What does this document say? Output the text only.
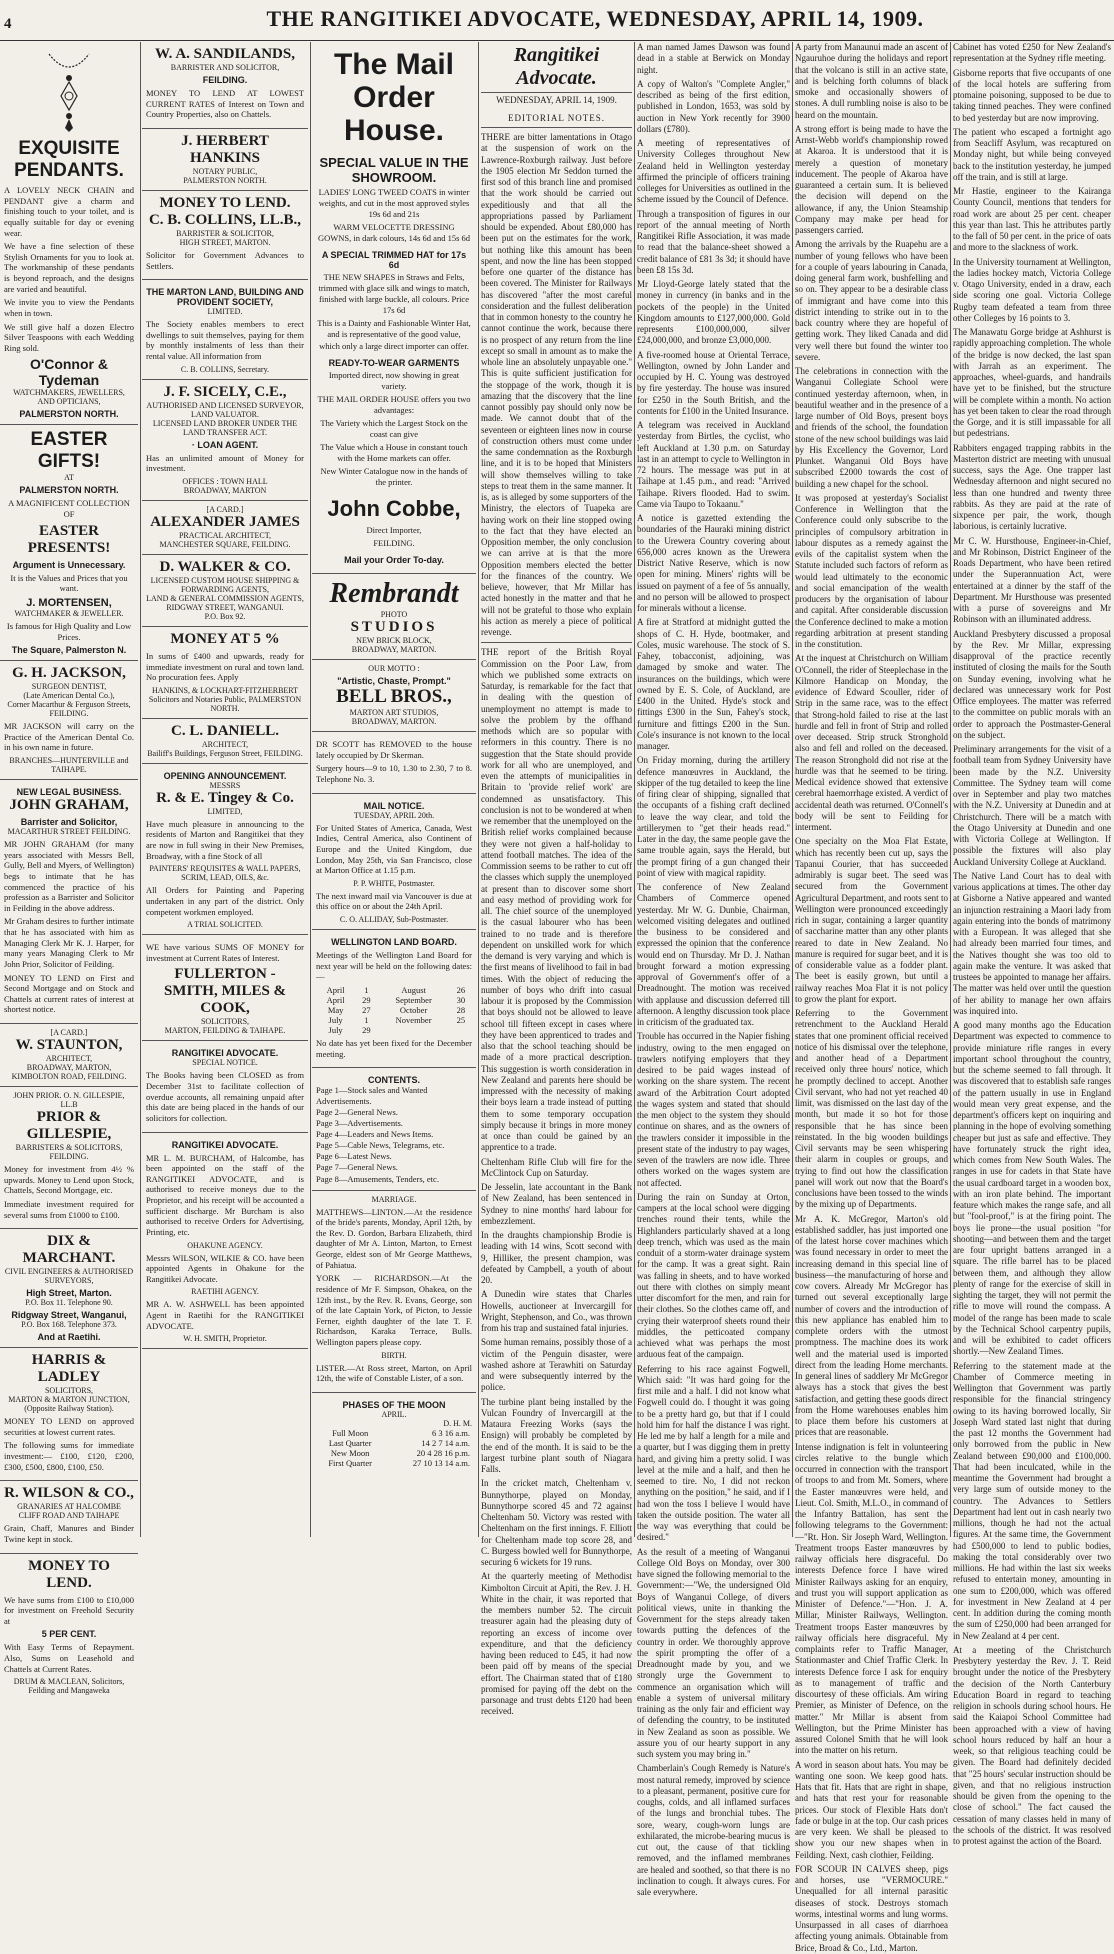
4	THE RANGITIKEI ADVOCATE, WEDNESDAY, APRIL 14, 1909.
EXQUISITE PENDANTS.
A LOVELY NECK CHAIN and PENDANT give a charm and finishing touch to your toilet, and is equally suitable for day or evening wear.
We have a fine selection of these Stylish Ornaments for you to look at. The workmanship of these pendants is beyond reproach, and the designs are varied and beautiful.
We invite you to view the Pendants when in town.
We still give half a dozen Electro Silver Teaspoons with each Wedding Ring sold.
O'Connor & Tydeman
WATCHMAKERS, JEWELLERS, AND OPTICIANS,
PALMERSTON NORTH.
EASTER GIFTS!
AT
PALMERSTON NORTH.
A MAGNIFICENT COLLECTION OF
EASTER PRESENTS!
Argument is Unnecessary.
It is the Values and Prices that you want.
J. MORTENSEN,
WATCHMAKER & JEWELLER.
Is famous for High Quality and Low Prices.
The Square, Palmerston N.
G. H. JACKSON,
SURGEON DENTIST,
(Late American Dental Co.),
Corner Macarthur & Ferguson Streets, FEILDING.
MR JACKSON will carry on the Practice of the American Dental Co. in his own name in future.
BRANCHES—HUNTERVILLE and TAIHAPE.
NEW LEGAL BUSINESS.
JOHN GRAHAM,
Barrister and Solicitor,
MACARTHUR STREET FEILDING.
MR JOHN GRAHAM (for many years associated with Messrs Bell, Gully, Bell and Myers, of Wellington) begs to intimate that he has commenced the practice of his profession as a Barrister and Solicitor in Feilding in the above address.
Mr Graham desires to further intimate that he has associated with him as Managing Clerk Mr K. J. Harper, for many years Managing Clerk to Mr John Prior, Solicitor of Feilding.
MONEY TO LEND on First and Second Mortgage and on Stock and Chattels at current rates of interest at shortest notice.
[A CARD.]
W. STAUNTON,
ARCHITECT,
BROADWAY, MARTON,
KIMBOLTON ROAD, FEILDING.
JOHN PRIOR. O. N. GILLESPIE, LL.B
PRIOR & GILLESPIE,
BARRISTERS & SOLICITORS,
FEILDING.
Money for investment from 4½ % upwards. Money to Lend upon Stock, Chattels, Second Mortgage, etc.
Immediate investment required for several sums from £1000 to £100.
DIX & MARCHANT.
CIVIL ENGINEERS & AUTHORISED SURVEYORS,
High Street, Marton.
P.O. Box 11. Telephone 90.
Ridgway Street, Wanganui,
P.O. Box 168. Telephone 373.
And at Raetihi.
HARRIS & LADLEY
SOLICITORS,
MARTON & MARTON JUNCTION, (Opposite Railway Station).
MONEY TO LEND on approved securities at lowest current rates.
The following sums for immediate investment:— £100, £120, £200, £300, £500, £800, £100, £50.
R. WILSON & CO.,
GRANARIES AT HALCOMBE
CLIFF ROAD AND TAIHAPE
Grain, Chaff, Manures and Binder Twine kept in stock.
MONEY TO LEND.
We have sums from £100 to £10,000 for investment on Freehold Security at
5 PER CENT.
With Easy Terms of Repayment. Also, Sums on Leasehold and Chattels at Current Rates.
DRUM & MACLEAN, Solicitors, Feilding and Mangaweka
W. A. SANDILANDS,
BARRISTER AND SOLICITOR,
FEILDING.
MONEY TO LEND AT LOWEST CURRENT RATES of Interest on Town and Country Properties, also on Chattels.
J. HERBERT HANKINS
NOTARY PUBLIC,
PALMERSTON NORTH.
MONEY TO LEND.
C. B. COLLINS, LL.B.,
BARRISTER & SOLICITOR,
HIGH STREET, MARTON.
Solicitor for Government Advances to Settlers.
THE MARTON LAND, BUILDING AND PROVIDENT SOCIETY,
LIMITED.
The Society enables members to erect dwellings to suit themselves, paying for them by monthly instalments of less than their rental value. All information from
C. B. COLLINS, Secretary.
J. F. SICELY, C.E.,
AUTHORISED AND LICENSED SURVEYOR,
LAND VALUATOR.
LICENSED LAND BROKER UNDER THE LAND TRANSFER ACT.
· LOAN AGENT.
Has an unlimited amount of Money for investment.
OFFICES : TOWN HALL
BROADWAY, MARTON
[A CARD.]
ALEXANDER JAMES
PRACTICAL ARCHITECT,
MANCHESTER SQUARE, FEILDING.
D. WALKER & CO.
LICENSED CUSTOM HOUSE SHIPPING & FORWARDING AGENTS,
LAND & GENERAL COMMISSION AGENTS,
RIDGWAY STREET, WANGANUI.
P.O. Box 92.
MONEY AT 5 %
In sums of £400 and upwards, ready for immediate investment on rural and town land. No procuration fees. Apply
HANKINS, & LOCKHART-FITZHERBERT
Solicitors and Notaries Public, PALMERSTON NORTH.
C. L. DANIELL.
ARCHITECT,
Bailiff's Buildings, Ferguson Street, FEILDING.
OPENING ANNOUNCEMENT.
MESSRS
R. & E. Tingey & Co.
LIMITED,
Have much pleasure in announcing to the residents of Marton and Rangitikei that they are now in full swing in their New Premises, Broadway, with a fine Stock of all
PAINTERS' REQUISITES & WALL PAPERS, SCRIM, LEAD, OILS, &c.
All Orders for Painting and Papering undertaken in any part of the district. Only competent workmen employed.
A TRIAL SOLICITED.
WE have various SUMS OF MONEY for investment at Current Rates of Interest.
FULLERTON - SMITH, MILES & COOK,
SOLICITORS,
MARTON, FEILDING & TAIHAPE.
RANGITIKEI ADVOCATE.
SPECIAL NOTICE.
The Books having been CLOSED as from December 31st to facilitate collection of overdue accounts, all remaining unpaid after this date are being placed in the hands of our solicitors for collection.
RANGITIKEI ADVOCATE.
MR L. M. BURCHAM, of Halcombe, has been appointed on the staff of the RANGITIKEI ADVOCATE, and is authorised to receive moneys due to the Proprietor, and his receipt will be accounted a sufficient discharge. Mr Burcham is also authorised to receive Orders for Advertising, Printing, etc.
OHAKUNE AGENCY.
Messrs WILSON, WILKIE & CO. have been appointed Agents in Ohakune for the Rangitikei Advocate.
RAETIHI AGENCY.
MR A. W. ASHWELL has been appointed Agent in Raetihi for the RANGITIKEI ADVOCATE.
W. H. SMITH, Proprietor.
The Mail
Order House.
SPECIAL VALUE IN THE SHOWROOM.
LADIES' LONG TWEED COATS in winter weights, and cut in the most approved styles 19s 6d and 21s
WARM VELOCETTE DRESSING GOWNS, in dark colours, 14s 6d and 15s 6d
A SPECIAL TRIMMED HAT for 17s 6d
THE NEW SHAPES in Straws and Felts, trimmed with glace silk and wings to match, finished with large buckle, all colours. Price 17s 6d
This is a Dainty and Fashionable Winter Hat, and is representative of the good value, which only a large direct importer can offer.
READY-TO-WEAR GARMENTS
Imported direct, now showing in great variety.
THE MAIL ORDER HOUSE offers you two advantages:
The Variety which the Largest Stock on the coast can give
The Value which a House in constant touch with the Home markets can offer.
New Winter Catalogue now in the hands of the printer.
John Cobbe,
Direct Importer,
FEILDING.
Mail your Order To-day.
Rembrandt
PHOTO
STUDIOS
NEW BRICK BLOCK,
BROADWAY, MARTON.
OUR MOTTO :
"Artistic, Chaste, Prompt."
BELL BROS.,
MARTON ART STUDIOS,
BROADWAY, MARTON.
DR SCOTT has REMOVED to the house lately occupied by Dr Skerman.
Surgery hours—9 to 10, 1.30 to 2.30, 7 to 8. Telephone No. 3.
MAIL NOTICE.
TUESDAY, APRIL 20th.
For United States of America, Canada, West Indies, Central America, also Continent of Europe and the United Kingdom, due London, May 25th, via San Francisco, close at Marton Office at 1.15 p.m.
P. P. WHITE, Postmaster.
The next inward mail via Vancouver is due at this office on or about the 24th April.
C. O. ALLIDAY, Sub-Postmaster.
WELLINGTON LAND BOARD.
Meetings of the Wellington Land Board for next year will be held on the following dates:—
April	1	August	26
April	29	September	30
May	27	October	28
July	1	November	25
July	29		
No date has yet been fixed for the December meeting.
CONTENTS.
Page 1—Stock sales and Wanted Advertisements.
Page 2—General News.
Page 3—Advertisements.
Page 4—Leaders and News Items.
Page 5—Cable News, Telegrams, etc.
Page 6—Latest News.
Page 7—General News.
Page 8—Amusements, Tenders, etc.
MARRIAGE.
MATTHEWS—LINTON.—At the residence of the bride's parents, Monday, April 12th, by the Rev. D. Gordon, Barbara Elizabeth, third daughter of Mr A. Linton, Marton, to Ernest George, eldest son of Mr George Matthews, of Pahiatua.
YORK — RICHARDSON.—At the residence of Mr F. Simpson, Ohakea, on the 12th inst., by the Rev. R. Evans, George, son of the late Captain York, of Picton, to Jessie Ferner, eighth daughter of the late T. F. Richardson, Karaka Terrace, Bulls. Wellington papers please copy.
BIRTH.
LISTER.—At Ross street, Marton, on April 12th, the wife of Constable Lister, of a son.
PHASES OF THE MOON
APRIL.
D. H. M.
Full Moon	6 3 16 a.m.
Last Quarter	14 2 7 14 a.m.
New Moon	20 4 28 16 p.m.
First Quarter	27 10 13 14 a.m.
Rangitikei Advocate.
WEDNESDAY, APRIL 14, 1909.
EDITORIAL NOTES.

THERE are bitter lamentations in Otago at the suspension of work on the Lawrence-Roxburgh railway. Just before the 1905 election Mr Seddon turned the first sod of this branch line and promised that the work should be carried out expeditiously and that all the appropriations passed by Parliament should be expended. About £80,000 has been put on the estimates for the work, but nothing like this amount has been spent, and now the line has been stopped before one quarter of the distance has been covered. The Minister for Railways has discovered "after the most careful consideration and the fullest deliberation that in common honesty to the country he cannot continue the work, because there is no prospect of any return from the line except so small in amount as to make the whole line an absolutely unpayable one." This is quite sufficient justification for the stoppage of the work, though it is amazing that the discovery that the line cannot possibly pay should only now be made. We cannot doubt that of the seventeen or eighteen lines now in course of construction others must come under the same condemnation as the Roxburgh line, and it is to be hoped that Ministers will show themselves willing to take steps to treat them in the same manner. It is, as is alleged by some supporters of the Ministry, the electors of Tuapeka are having work on their line stopped owing to the fact that they have elected an Opposition member, the only conclusion we can arrive at is that the more Opposition members elected the better for the finances of the country. We believe, however, that Mr Millar has acted honestly in the matter and that he will not be grateful to those who explain his action as merely a piece of political revenge.

THE report of the British Royal Commission on the Poor Law, from which we published some extracts on Saturday, is remarkable for the fact that in dealing with the question of unemployment no attempt is made to solve the problem by the offhand methods which are so popular with reformers in this country. There is no suggestion that the State should provide work for all who are unemployed, and even the attempts of municipalities in Britain to 'provide relief work' are condemned as unsatisfactory. This conclusion is not to be wondered at when we remember that the unemployed on the British relief works complained because they were not given a half-holiday to attend football matches. The idea of the Commission seems to be rather to cut off the classes which supply the unemployed at present than to discover some short and easy method of providing work for all. The chief source of the unemployed is the casual labourer who has been trained to no trade and is therefore dependent on unskilled work for which the demand is very varying and which is the first means of livelihood to fail in bad times. With the object of reducing the number of boys who drift into casual labour it is proposed by the Commission that boys should not be allowed to leave school till fifteen except in cases where they have been apprenticed to trades and also that the school teaching should be made of a more practical description. This suggestion is worth consideration in New Zealand and parents here should be impressed with the necessity of making their boys learn a trade instead of putting them to some temporary occupation simply because it brings in more money at once than could be gained by an apprentice to a trade.

Cheltenham Rifle Club will fire for the McClintock Cup on Saturday.

De Jesselin, late accountant in the Bank of New Zealand, has been sentenced in Sydney to nine months' hard labour for embezzlement.

In the draughts championship Brodie is leading with 14 wins, Scott second with 9, Hilliker, the present champion, was defeated by Campbell, a youth of about 20.

A Dunedin wire states that Charles Howells, auctioneer at Invercargill for Wright, Stephenson, and Co., was thrown from his trap and sustained fatal injuries.

Some human remains, possibly those of a victim of the Penguin disaster, were washed ashore at Terawhiti on Saturday and were subsequently interred by the police.

The turbine plant being installed by the Vulcan Foundry of Invercargill at the Mataura Freezing Works (says the Ensign) will probably be completed by the end of the month. It is said to be the largest turbine plant south of Niagara Falls.

In the cricket match, Cheltenham v. Bunnythorpe, played on Monday, Bunnythorpe scored 45 and 72 against Cheltenham 50. Victory was rested with Cheltenham on the first innings. F. Elliott for Cheltenham made top score 28, and C. Burgess bowled well for Bunnythorpe, securing 6 wickets for 19 runs.

At the quarterly meeting of Methodist Kimbolton Circuit at Apiti, the Rev. J. H. White in the chair, it was reported that the members number 52. The circuit treasurer again had the pleasing duty of reporting an excess of income over expenditure, and that the deficiency having been reduced to £45, it had now been paid off by means of the special effort. The Chairman stated that of £180 promised for paying off the debt on the parsonage and trust debts £120 had been received.

A man named James Dawson was found dead in a stable at Berwick on Monday night.

A copy of Walton's "Complete Angler," described as being of the first edition, published in London, 1653, was sold by auction in New York recently for 3900 dollars (£780).

A meeting of representatives of University Colleges throughout New Zealand held in Wellington yesterday affirmed the principle of officers training colleges for Universities as outlined in the scheme issued by the Council of Defence.

Through a transposition of figures in our report of the annual meeting of North Rangitikei Rifle Association, it was made to read that the balance-sheet showed a credit balance of £81 3s 3d; it should have been £8 15s 3d.

Mr Lloyd-George lately stated that the money in currency (in banks and in the pockets of the people) in the United Kingdom amounts to £127,000,000. Gold represents £100,000,000, silver £24,000,000, and bronze £3,000,000.

A five-roomed house at Oriental Terrace, Wellington, owned by John Lander and occupied by H. C. Young was destroyed by fire yesterday. The house was insured for £250 in the South British, and the contents for £100 in the United Insurance.

A telegram was received in Auckland yesterday from Birtles, the cyclist, who left Auckland at 1.30 p.m. on Saturday last in an attempt to cycle to Wellington in 72 hours. The message was put in at Taihape at 1.45 p.m., and read: "Arrived Taihape. Rivers flooded. Had to swim. Came via Taupo to Tokaanu."

A notice is gazetted extending the boundaries of the Hauraki mining district to the Urewera Country covering about 656,000 acres known as the Urewera District Native Reserve, which is now open for mining. Miners' rights will be issued on payment of a fee of 5s annually, and no person will be allowed to prospect for minerals without a license.

A fire at Stratford at midnight gutted the shops of C. H. Hyde, bootmaker, and Coles, music warehouse. The stock of S. Fahey, tobacconist, adjoining, was damaged by smoke and water. The insurances on the buildings, which were owned by E. S. Cole, of Auckland, are £400 in the United. Hyde's stock and fittings £300 in the Sun, Fahey's stock, furniture and fittings £200 in the Sun. Cole's insurance is not known to the local manager.

On Friday morning, during the artillery defence manœuvres in Auckland, the skipper of the tug detailed to keep the line of firing clear of shipping, signalled that the occupants of a fishing craft declined to leave the way clear, and told the artillerymen to "get their heads read." Later in the day, the same people gave the same trouble again, says the Herald, but the prompt firing of a gun changed their point of view with magical rapidity.

The conference of New Zealand Chambers of Commerce opened yesterday. Mr W. G. Dunbie, Chairman, welcomed visiting delegates and outlined the business to be considered and expressed the opinion that the conference would end on Thursday. Mr D. J. Nathan brought forward a motion expressing approval of Government's offer of a Dreadnought. The motion was received with applause and discussion deferred till afternoon. A lengthy discussion took place in criticism of the graduated tax.

Trouble has occurred in the Napier fishing industry, owing to the men engaged on trawlers notifying employers that they desired to be paid wages instead of working on the share system. The recent award of the Arbitration Court adopted the wages system and stated that should the men object to the system they should continue on shares, and as the owners of the trawlers consider it impossible in the present state of the industry to pay wages, seven of the trawlers are now idle. Three others worked on the wages system are not affected.

During the rain on Sunday at Orton, campers at the local school were digging trenches round their tents, while the Highlanders particularly shaved at a long deep trench, which was used as the main conduit of a storm-water drainage system for the camp. It was a great sight. Rain was falling in sheets, and to have worked out there with clothes on simply meant utter discomfort for the men, and rain for their clothes. So the clothes came off, and crying their waterproof sheets round their middles, the petticoated company achieved what was perhaps the most arduous feat of the campaign.

Referring to his race against Fogwell, Which said: "It was hard going for the first mile and a half. I did not know what Fogwell could do. I thought it was going to be a pretty hard go, but that if I could hold him for half the distance I was right. He led me by half a length for a mile and a quarter, but I was digging them in pretty hard, and giving him a pretty solid. I was level at the mile and a half, and then he seemed to tire. No, I did not reckon anything on the position," he said, and if I had won the toss I believe I would have taken the outside position. The water all the way was everything that could be desired."

As the result of a meeting of Wanganui College Old Boys on Monday, over 300 have signed the following memorial to the Government:—"We, the undersigned Old Boys of Wanganui College, of divers political views, unite in thanking the Government for the steps already taken towards putting the defences of the country in order. We thoroughly approve the spirit prompting the offer of a Dreadnought made by you, and we strongly urge the Government to commence an organisation which will enable a system of universal military training as the only fair and efficient way of defending the country, to be instituted in New Zealand as soon as possible. We assure you of our hearty support in any such system you may bring in."

Chamberlain's Cough Remedy is Nature's most natural remedy, improved by science to a pleasant, permanent, positive cure for coughs, colds, and all inflamed surfaces of the lungs and bronchial tubes. The sore, weary, cough-worn lungs are exhilarated, the microbe-bearing mucus is cut out, the cause of that tickling removed, and the inflamed membranes are healed and soothed, so that there is no inclination to cough. It always cures. For sale everywhere.

A party from Manaunui made an ascent of Ngauruhoe during the holidays and report that the volcano is still in an active state, and is belching forth columns of black smoke and occasionally showers of stones. A dull rumbling noise is also to be heard on the mountain.

A strong effort is being made to have the Arnst-Webb world's championship rowed at Akaroa. It is understood that it is merely a question of monetary inducement. The people of Akaroa have guaranteed a certain sum. It is believed the decision will depend on the allowance, if any, the Union Steamship Company may make per head for passengers carried.

Among the arrivals by the Ruapehu are a number of young fellows who have been for a couple of years labouring in Canada, doing general farm work, bushfelling and so on. They appear to be a desirable class of immigrant and have come into this district intending to strike out in to the back country where they are hopeful of getting work. They liked Canada and did very well there but found the winter too severe.

The celebrations in connection with the Wanganui Collegiate School were continued yesterday afternoon, when, in beautiful weather and in the presence of a large number of Old Boys, present boys and friends of the school, the foundation stone of the new school buildings was laid by His Excellency the Governor, Lord Plunket. Wanganui Old Boys have subscribed £2000 towards the cost of building a new chapel for the school.

It was proposed at yesterday's Socialist Conference in Wellington that the Conference could only subscribe to the principles of compulsory arbitration in labour disputes as a remedy against the evils of the capitalist system when the Statute included such factors of reform as would lead ultimately to the economic and social emancipation of the wealth producers by the organisation of labour and capital. After considerable discussion the Conference declined to make a motion regarding arbitration at present standing in the constitution.

At the inquest at Christchurch on William O'Connell, the rider of Steeplechase in the Kilmore Handicap on Monday, the evidence of Edward Scouller, rider of Strip in the same race, was to the effect that Strong-hold failed to rise at the last hurdle and fell in front of Strip and rolled over deceased. Strip struck Stronghold also and fell and rolled on the deceased. The reason Stronghold did not rise at the hurdle was that he seemed to be tiring. Medical evidence showed that extensive cerebral haemorrhage existed. A verdict of accidental death was returned. O'Connell's body will be sent to Feilding for interment.

One specialty on the Moa Flat Estate, which has recently been cut up, says the Tapanui Courier, that has succeeded admirably is sugar beet. The seed was secured from the Government Agricultural Department, and roots sent to Wellington were pronounced exceedingly rich in sugar, containing a larger quantity of saccharine matter than any other plants reared to date in New Zealand. No manure is required for sugar beet, and it is of considerable value as a fodder plant. The beet is easily grown, but until a railway reaches Moa Flat it is not policy to grow the plant for export.

Referring to the Government retrenchment to the Auckland Herald states that one prominent official received notice of his dismissal over the telephone, and another head of a Department received only three hours' notice, which he promptly declined to accept. Another Civil servant, who had not yet reached 40 limit, was dismissed on the last day of the month, but made it so hot for those responsible that he has since been reinstated. In the big wooden buildings Civil servants may be seen whispering their alarm in couples or groups, and trying to find out how the classification panel will work out now that the Board's conclusions have been tossed to the winds by the mixing up of Departments.

Mr A. K. McGregor, Marton's old established saddler, has just imported one of the latest horse cover machines which was found necessary in order to meet the increasing demand in this special line of business—the manufacturing of horse and cow covers. Already Mr McGregor has turned out several exceptionally large number of covers and the introduction of this new appliance has enabled him to complete orders with the utmost promptness. The machine does its work well and the material used is imported direct from the leading Home merchants. In general lines of saddlery Mr McGregor always has a stock that gives the best satisfaction, and getting these goods direct from the Home warehouses enables him to place them before his customers at prices that are reasonable.

Intense indignation is felt in volunteering circles relative to the bungle which occurred in connection with the transport of troops to and from Mt. Somers, where the Easter manœuvres were held, and Lieut. Col. Smith, M.L.O., in command of the Infantry Battalion, has sent the following telegrams to the Government:—"Rt. Hon. Sir Joseph Ward, Wellington. Treatment troops Easter manœuvres by railway officials here disgraceful. Do interests Defence force I have wired Minister Railways asking for an enquiry, and trust you will support application as Minister of Defence."—"Hon. J. A. Millar, Minister Railways, Wellington. Treatment troops Easter manœuvres by railway officials here disgraceful. My complaints refer to Traffic Manager, Stationmaster and Chief Traffic Clerk. In interests Defence force I ask for enquiry as to management of traffic and discourtesy of these officials. Am wiring Premier, as Minister of Defence, on the matter." Mr Millar is absent from Wellington, but the Prime Minister has assured Colonel Smith that he will look into the matter on his return.

A word in season about hats. You may be wanting one soon. We keep good hats. Hats that fit. Hats that are right in shape, and hats that rest your for reasonable prices. Our stock of Flexible Hats don't fade or bulge in at the top. Our cash prices are very keen. We shall be pleased to show you our new shapes when in Feilding. Next, cash clothier, Feilding.

FOR SCOUR IN CALVES sheep, pigs and horses, use "VERMOCURE." Unequalled for all internal parasitic diseases of stock. Destroys stomach worms, intestinal worms and lung worms. Unsurpassed in all cases of diarrhoea affecting young animals. Obtainable from Brice, Broad & Co., Ltd., Marton.

Cabinet has voted £250 for New Zealand's representation at the Sydney rifle meeting.

Gisborne reports that five occupants of one of the local hotels are suffering from ptomaine poisoning, supposed to be due to taking tinned peaches. They were confined to bed yesterday but are now improving.

The patient who escaped a fortnight ago from Seacliff Asylum, was recaptured on Monday night, but while being conveyed back to the institution yesterday, he jumped off the train, and is still at large.

Mr Hastie, engineer to the Kairanga County Council, mentions that tenders for road work are about 25 per cent. cheaper this year than last. This he attributes partly to the fall of 50 per cent. in the price of oats and more to the slackness of work.

In the University tournament at Wellington, the ladies hockey match, Victoria College v. Otago University, ended in a draw, each side scoring one goal. Victoria College Rugby team defeated a team from three other Colleges by 16 points to 3.

The Manawatu Gorge bridge at Ashhurst is rapidly approaching completion. The whole of the bridge is now decked, the last span with Jarrah as an experiment. The approaches, wheel-guards, and handrails have yet to be finished, but the structure will be complete within a month. No action has yet been taken to clear the road through the Gorge, and it is still impassable for all but pedestrians.

Rabbiters engaged trapping rabbits in the Masterton district are meeting with unusual success, says the Age. One trapper last Wednesday afternoon and night secured no less than one hundred and twenty three rabbits. As they are paid at the rate of sixpence per pair, the work, though laborious, is certainly lucrative.

Mr C. W. Hursthouse, Engineer-in-Chief, and Mr Robinson, District Engineer of the Roads Department, who have been retired under the Superannuation Act, were entertained at a dinner by the staff of the Department. Mr Hursthouse was presented with a purse of sovereigns and Mr Robinson with an illuminated address.

Auckland Presbytery discussed a proposal by the Rev. Mr Millar, expressing disapproval of the practice recently instituted of closing the mails for the South on Sunday evening, involving what he declared was unnecessary work for Post Office employees. The matter was referred to the committee on public morals with an order to approach the Postmaster-General on the subject.

Preliminary arrangements for the visit of a football team from Sydney University have been made by the N.Z. University Committee. The Sydney team will come over in September and play two matches with the N.Z. University at Dunedin and at Christchurch. There will be a match with the Otago University at Dunedin and one with Victoria College at Wellington. If possible the fixtures will also play Auckland University College at Auckland.

The Native Land Court has to deal with various applications at times. The other day at Gisborne a Native appeared and wanted an injunction restraining a Maori lady from again entering into the bonds of matrimony with a European. It was alleged that she had already been married four times, and the Natives thought she was too old to again make the venture. It was asked that trustees be appointed to manage her affairs. The matter was held over until the question of her ability to manage her own affairs was inquired into.

A good many months ago the Education Department was expected to commence to provide miniature rifle ranges in every important school throughout the country, but the scheme seemed to fall through. It was discovered that to establish safe ranges of the pattern usually in use in England would mean very great expense, and the department's officers kept on inquiring and planning in the hope of evolving something cheaper but just as safe and effective. They have fortunately struck the right idea, which comes from New South Wales. The ranges in use for cadets in that State have the usual cardboard target in a wooden box, with an iron plate behind. The important feature which makes the range safe, and all but "fool-proof," is at the firing point. The boys lie prone—the usual position "for shooting—and between them and the target are four upright battens arranged in a square. The rifle barrel has to be placed between them, and although they allow plenty of range for the exercise of skill in sighting the target, they will not permit the rifle to move will round the compass. A model of the range has been made to scale by the Technical School carpentry pupils, and will be exhibited to cadet officers shortly.—New Zealand Times.

Referring to the statement made at the Chamber of Commerce meeting in Wellington that Government was partly responsible for the financial stringency owing to its having borrowed locally, Sir Joseph Ward stated last night that during the past 12 months the Government had only borrowed from the public in New Zealand between £90,000 and £100,000. That had been inculcated, while in the meantime the Government had brought a very large sum of outside money to the country. The Advances to Settlers Department had lent out in cash nearly two millions, though he had not the actual figures. At the same time, the Government had £500,000 to lend to public bodies, making the total considerably over two millions. He had within the last six weeks refused to entertain money, amounting in one sum to £200,000, which was offered for investment in New Zealand at 4 per cent. In addition during the coming month the sum of £250,000 had been arranged for in New Zealand at 4 per cent.

At a meeting of the Christchurch Presbytery yesterday the Rev. J. T. Reid brought under the notice of the Presbytery the decision of the North Canterbury Education Board in regard to teaching religion in schools during school hours. He said the Kaiapoi School Committee had been approached with a view of having school hours reduced by half an hour a week, so that religious teaching could be given. The Board had definitely decided that "25 hours' secular instruction should be given, and that no religious instruction should be given from the opening to the close of school." The fact caused the cessation of many classes held in many of the schools of the district. It was resolved to protest against the action of the Board.
